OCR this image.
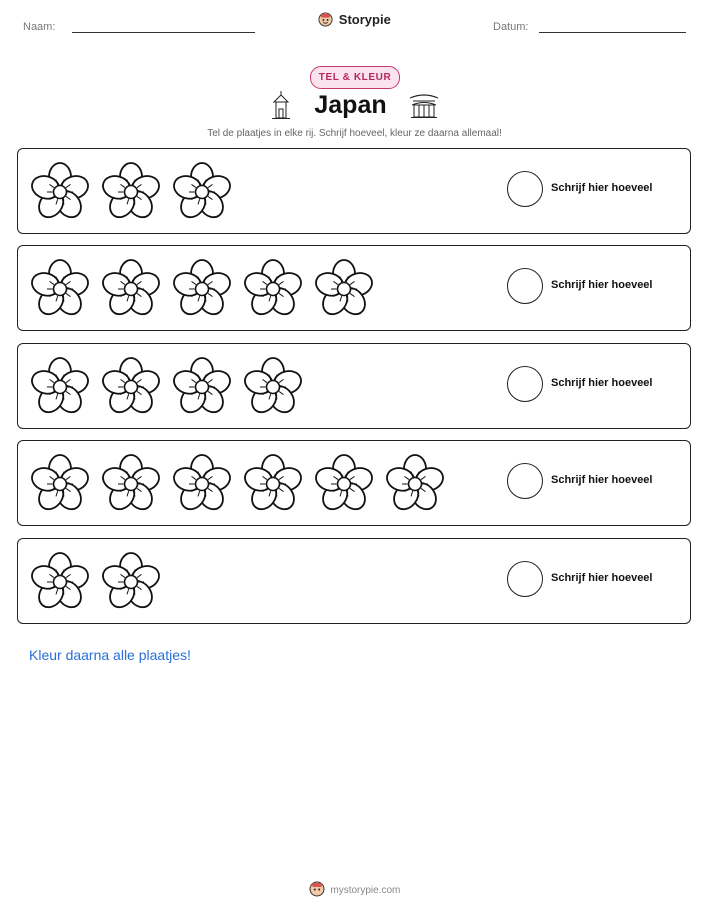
Naam:	Storypie	Datum:
TEL & KLEUR
Japan
Tel de plaatjes in elke rij. Schrijf hoeveel, kleur ze daarna allemaal!
Schrijf hier hoeveel
Schrijf hier hoeveel
Schrijf hier hoeveel
Schrijf hier hoeveel
Schrijf hier hoeveel
Kleur daarna alle plaatjes!
mystorypie.com
